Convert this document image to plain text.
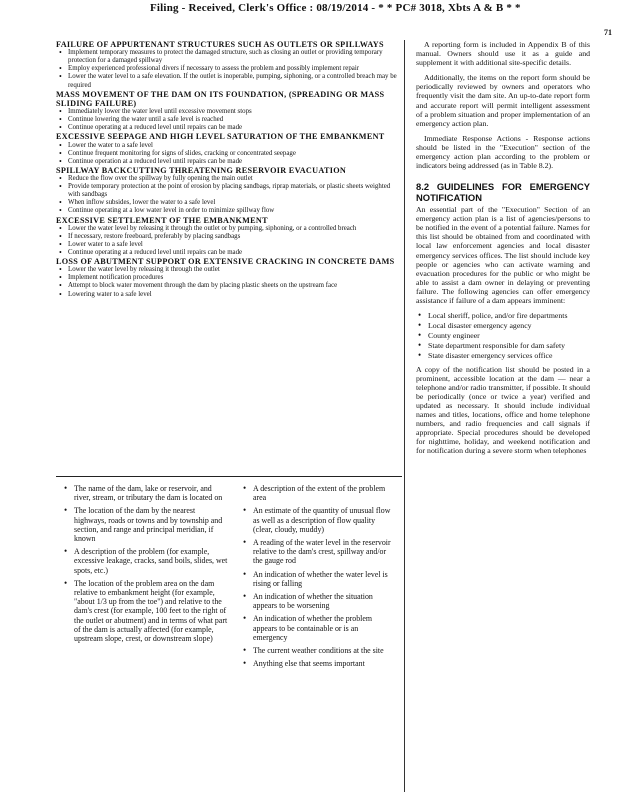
Filing - Received, Clerk's Office : 08/19/2014 - * * PC# 3018, Xbts A & B * *
71
FAILURE OF APPURTENANT STRUCTURES SUCH AS OUTLETS OR SPILLWAYS
• Implement temporary measures to protect the damaged structure, such as closing an outlet or providing temporary protection for a damaged spillway
• Employ experienced professional divers if necessary to assess the problem and possibly implement repair
• Lower the water level to a safe elevation. If the outlet is inoperable, pumping, siphoning, or a controlled breach may be required
MASS MOVEMENT OF THE DAM ON ITS FOUNDATION, (SPREADING OR MASS SLIDING FAILURE)
• Immediately lower the water level until excessive movement stops
• Continue lowering the water until a safe level is reached
• Continue operating at a reduced level until repairs can be made
EXCESSIVE SEEPAGE AND HIGH LEVEL SATURATION OF THE EMBANKMENT
• Lower the water to a safe level
• Continue frequent monitoring for signs of slides, cracking or concentrated seepage
• Continue operation at a reduced level until repairs can be made
SPILLWAY BACKCUTTING THREATENING RESERVOIR EVACUATION
• Reduce the flow over the spillway by fully opening the main outlet
• Provide temporary protection at the point of erosion by placing sandbags, riprap materials, or plastic sheets weighted with sandbags
• When inflow subsides, lower the water to a safe level
• Continue operating at a low water level in order to minimize spillway flow
EXCESSIVE SETTLEMENT OF THE EMBANKMENT
• Lower the water level by releasing it through the outlet or by pumping, siphoning, or a controlled breach
• If necessary, restore freeboard, preferably by placing sandbags
• Lower water to a safe level
• Continue operating at a reduced level until repairs can be made
LOSS OF ABUTMENT SUPPORT OR EXTENSIVE CRACKING IN CONCRETE DAMS
• Lower the water level by releasing it through the outlet
• Implement notification procedures
• Attempt to block water movement through the dam by placing plastic sheets on the upstream face
• Lowering water to a safe level
• The name of the dam, lake or reservoir, and river, stream, or tributary the dam is located on
• The location of the dam by the nearest highways, roads or towns and by township and section, and range and principal meridian, if known
• A description of the problem (for example, excessive leakage, cracks, sand boils, slides, wet spots, etc.)
• The location of the problem area on the dam relative to embankment height (for example, "about 1/3 up from the toe") and relative to the dam's crest (for example, 100 feet to the right of the outlet or abutment) and in terms of what part of the dam is actually affected (for example, upstream slope, crest, or downstream slope)
• A description of the extent of the problem area
• An estimate of the quantity of unusual flow as well as a description of flow quality (clear, cloudy, muddy)
• A reading of the water level in the reservoir relative to the dam's crest, spillway and/or the gauge rod
• An indication of whether the water level is rising or falling
• An indication of whether the situation appears to be worsening
• An indication of whether the problem appears to be containable or is an emergency
• The current weather conditions at the site
• Anything else that seems important

A reporting form is included in Appendix B of this manual. Owners should use it as a guide and supplement it with additional site-specific details.

Additionally, the items on the report form should be periodically reviewed by owners and operators who frequently visit the dam site. An up-to-date report form and accurate report will permit intelligent assessment of a problem situation and proper implementation of an emergency action plan.

Immediate Response Actions - Response actions should be listed in the "Execution" section of the emergency action plan according to the problem or indicators being addressed (as in Table 8.2).

8.2 GUIDELINES FOR EMERGENCY NOTIFICATION

An essential part of the "Execution" Section of an emergency action plan is a list of agencies/persons to be notified in the event of a potential failure. Names for this list should be obtained from and coordinated with local law enforcement agencies and local disaster emergency services offices. The list should include key people or agencies who can activate warning and evacuation procedures for the public or who might be able to assist a dam owner in delaying or preventing failure. The following agencies can offer emergency assistance if failure of a dam appears imminent:

• Local sheriff, police, and/or fire departments
• Local disaster emergency agency
• County engineer
• State department responsible for dam safety
• State disaster emergency services office

A copy of the notification list should be posted in a prominent, accessible location at the dam — near a telephone and/or radio transmitter, if possible. It should be periodically (once or twice a year) verified and updated as necessary. It should include individual names and titles, locations, office and home telephone numbers, and radio frequencies and call signals if appropriate. Special procedures should be developed for nighttime, holiday, and weekend notification and for notification during a severe storm when telephones
